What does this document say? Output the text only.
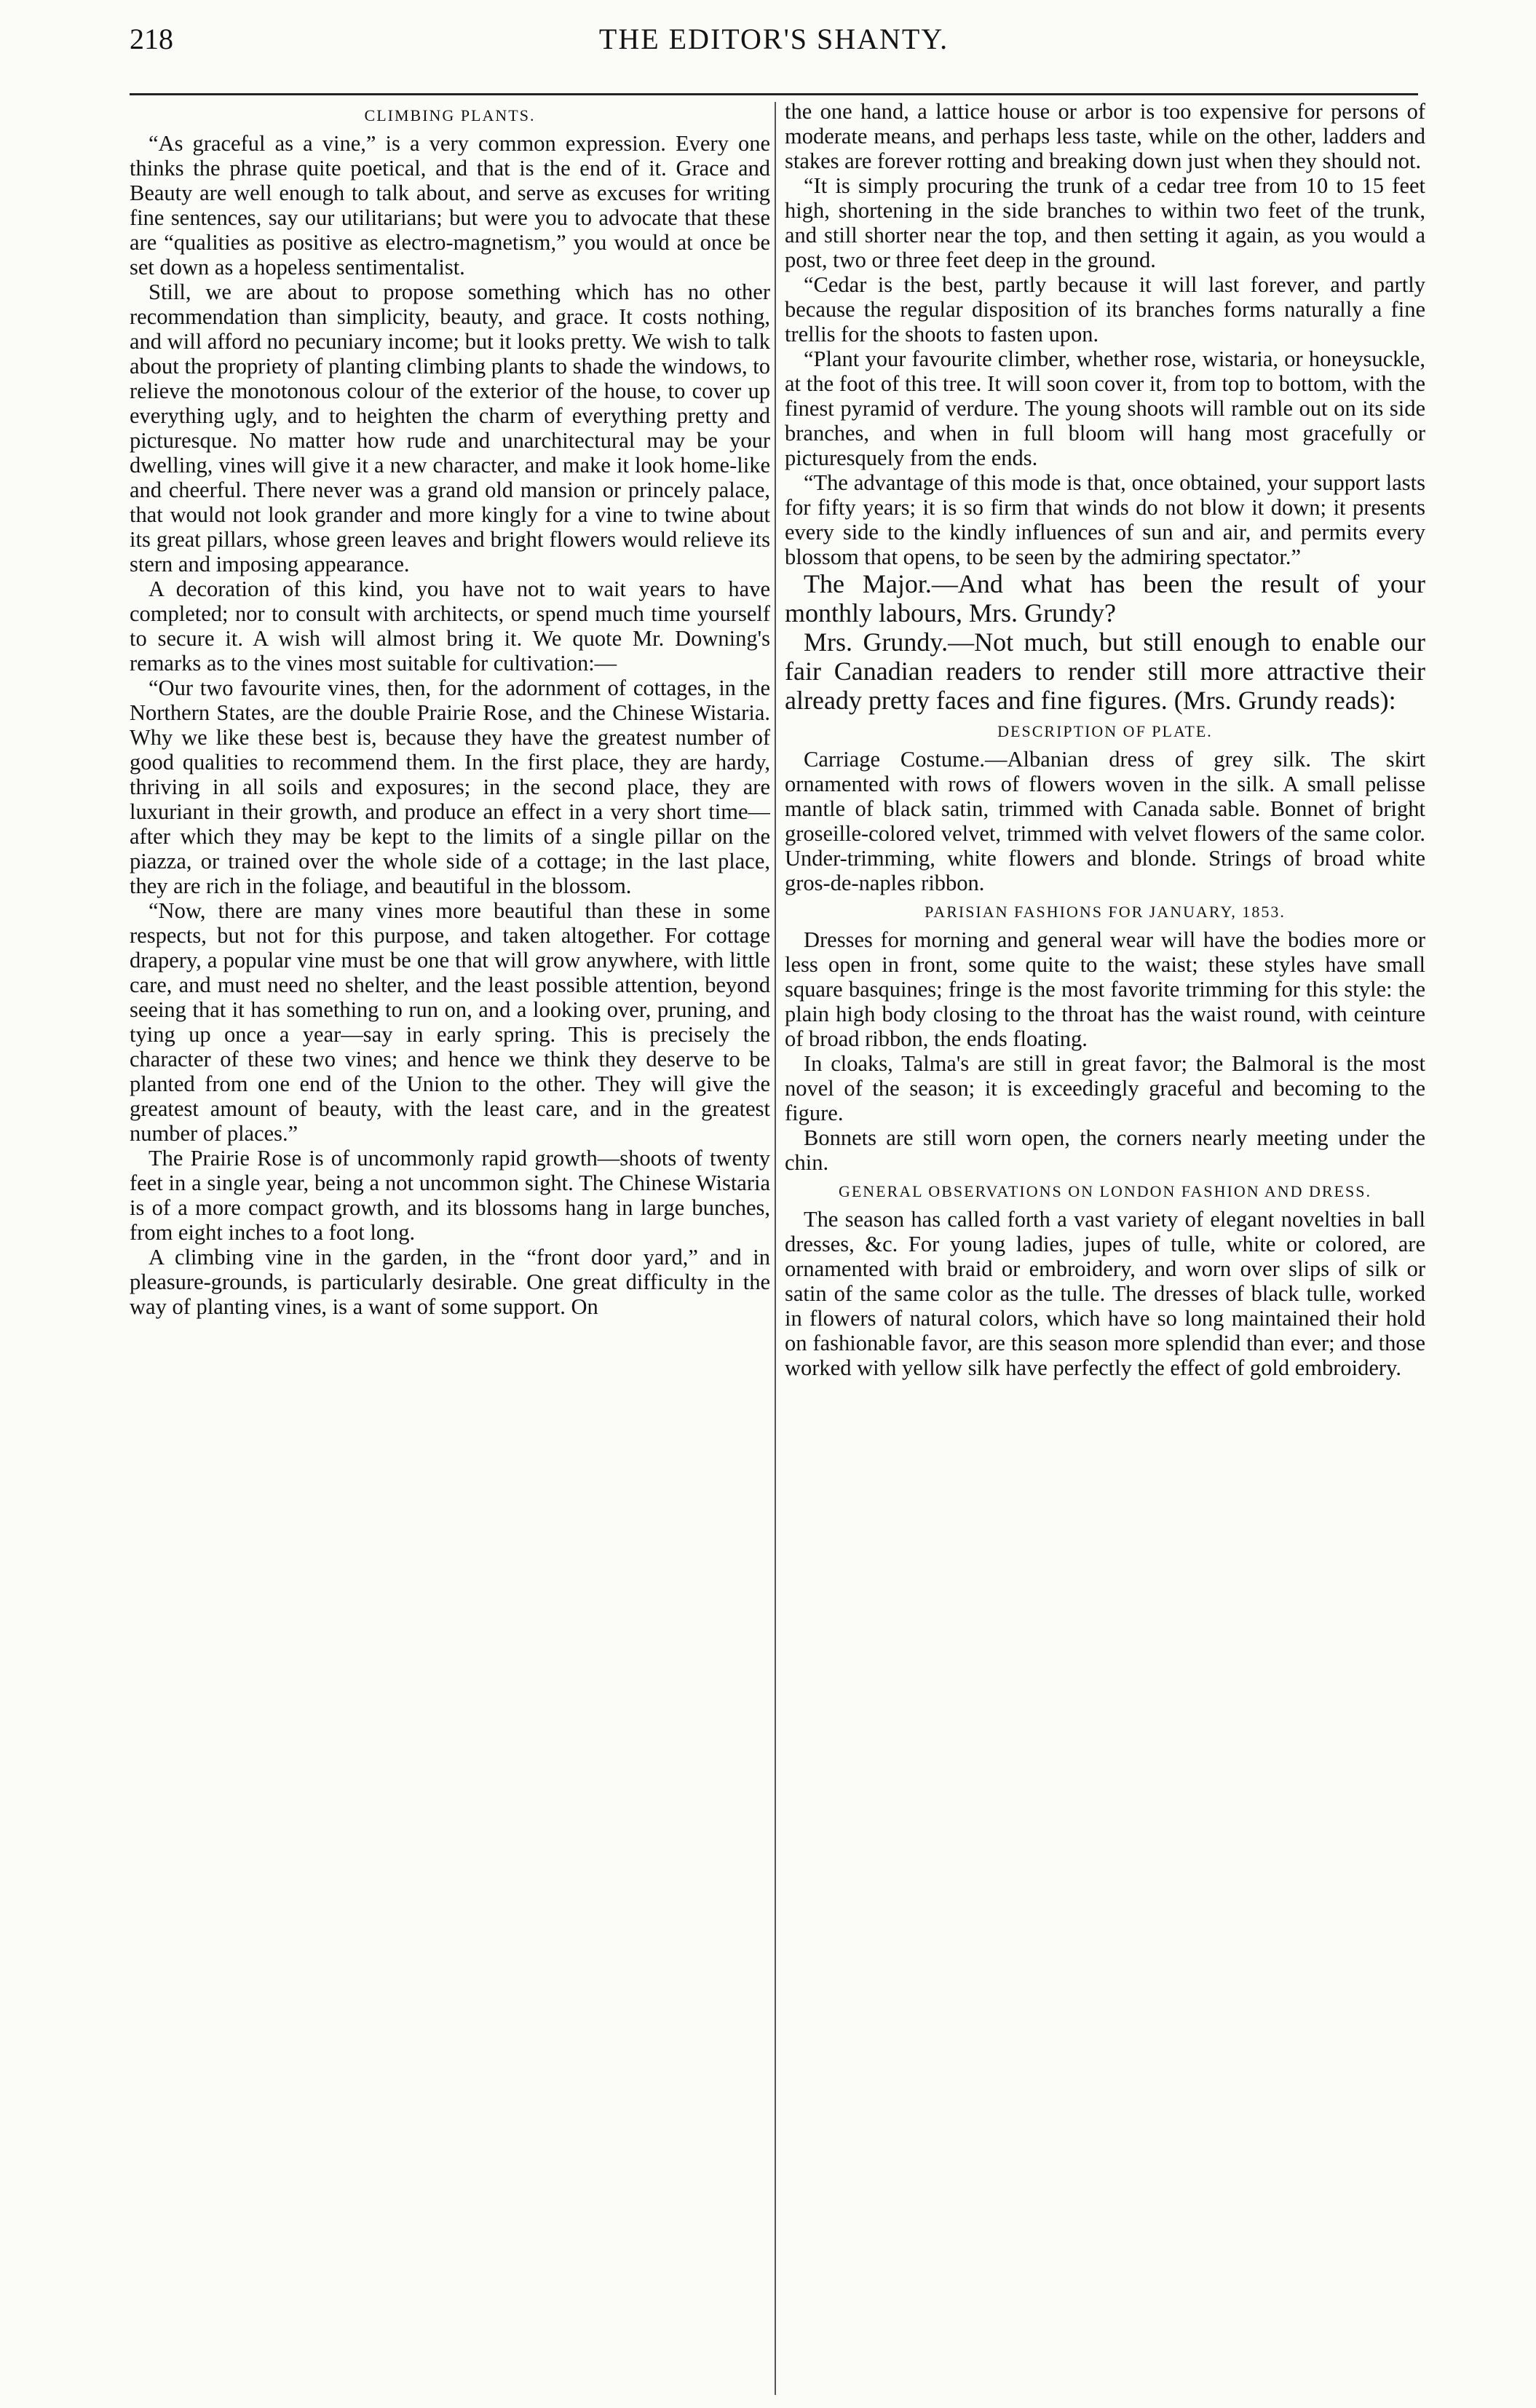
218	THE EDITOR'S SHANTY.
CLIMBING PLANTS.

“As graceful as a vine,” is a very common expression. Every one thinks the phrase quite poetical, and that is the end of it. Grace and Beauty are well enough to talk about, and serve as excuses for writing fine sentences, say our utilitarians; but were you to advocate that these are “qualities as positive as electro-magnetism,” you would at once be set down as a hopeless sentimentalist.

Still, we are about to propose something which has no other recommendation than simplicity, beauty, and grace. It costs nothing, and will afford no pecuniary income; but it looks pretty. We wish to talk about the propriety of planting climbing plants to shade the windows, to relieve the monotonous colour of the exterior of the house, to cover up everything ugly, and to heighten the charm of everything pretty and picturesque. No matter how rude and unarchitectural may be your dwelling, vines will give it a new character, and make it look home-like and cheerful. There never was a grand old mansion or princely palace, that would not look grander and more kingly for a vine to twine about its great pillars, whose green leaves and bright flowers would relieve its stern and imposing appearance.

A decoration of this kind, you have not to wait years to have completed; nor to consult with architects, or spend much time yourself to secure it. A wish will almost bring it. We quote Mr. Downing's remarks as to the vines most suitable for cultivation:—

“Our two favourite vines, then, for the adornment of cottages, in the Northern States, are the double Prairie Rose, and the Chinese Wistaria. Why we like these best is, because they have the greatest number of good qualities to recommend them. In the first place, they are hardy, thriving in all soils and exposures; in the second place, they are luxuriant in their growth, and produce an effect in a very short time—after which they may be kept to the limits of a single pillar on the piazza, or trained over the whole side of a cottage; in the last place, they are rich in the foliage, and beautiful in the blossom.

“Now, there are many vines more beautiful than these in some respects, but not for this purpose, and taken altogether. For cottage drapery, a popular vine must be one that will grow anywhere, with little care, and must need no shelter, and the least possible attention, beyond seeing that it has something to run on, and a looking over, pruning, and tying up once a year—say in early spring. This is precisely the character of these two vines; and hence we think they deserve to be planted from one end of the Union to the other. They will give the greatest amount of beauty, with the least care, and in the greatest number of places.”

The Prairie Rose is of uncommonly rapid growth—shoots of twenty feet in a single year, being a not uncommon sight. The Chinese Wistaria is of a more compact growth, and its blossoms hang in large bunches, from eight inches to a foot long.

A climbing vine in the garden, in the “front door yard,” and in pleasure-grounds, is particularly desirable. One great difficulty in the way of planting vines, is a want of some support. On

the one hand, a lattice house or arbor is too expensive for persons of moderate means, and perhaps less taste, while on the other, ladders and stakes are forever rotting and breaking down just when they should not.

“It is simply procuring the trunk of a cedar tree from 10 to 15 feet high, shortening in the side branches to within two feet of the trunk, and still shorter near the top, and then setting it again, as you would a post, two or three feet deep in the ground.

“Cedar is the best, partly because it will last forever, and partly because the regular disposition of its branches forms naturally a fine trellis for the shoots to fasten upon.

“Plant your favourite climber, whether rose, wistaria, or honeysuckle, at the foot of this tree. It will soon cover it, from top to bottom, with the finest pyramid of verdure. The young shoots will ramble out on its side branches, and when in full bloom will hang most gracefully or picturesquely from the ends.

“The advantage of this mode is that, once obtained, your support lasts for fifty years; it is so firm that winds do not blow it down; it presents every side to the kindly influences of sun and air, and permits every blossom that opens, to be seen by the admiring spectator.”

The Major.—And what has been the result of your monthly labours, Mrs. Grundy?

Mrs. Grundy.—Not much, but still enough to enable our fair Canadian readers to render still more attractive their already pretty faces and fine figures. (Mrs. Grundy reads):

DESCRIPTION OF PLATE.

Carriage Costume.—Albanian dress of grey silk. The skirt ornamented with rows of flowers woven in the silk. A small pelisse mantle of black satin, trimmed with Canada sable. Bonnet of bright groseille-colored velvet, trimmed with velvet flowers of the same color. Under-trimming, white flowers and blonde. Strings of broad white gros-de-naples ribbon.

PARISIAN FASHIONS FOR JANUARY, 1853.

Dresses for morning and general wear will have the bodies more or less open in front, some quite to the waist; these styles have small square basquines; fringe is the most favorite trimming for this style: the plain high body closing to the throat has the waist round, with ceinture of broad ribbon, the ends floating.

In cloaks, Talma's are still in great favor; the Balmoral is the most novel of the season; it is exceedingly graceful and becoming to the figure.

Bonnets are still worn open, the corners nearly meeting under the chin.

GENERAL OBSERVATIONS ON LONDON FASHION AND DRESS.

The season has called forth a vast variety of elegant novelties in ball dresses, &c. For young ladies, jupes of tulle, white or colored, are ornamented with braid or embroidery, and worn over slips of silk or satin of the same color as the tulle. The dresses of black tulle, worked in flowers of natural colors, which have so long maintained their hold on fashionable favor, are this season more splendid than ever; and those worked with yellow silk have perfectly the effect of gold embroidery.
